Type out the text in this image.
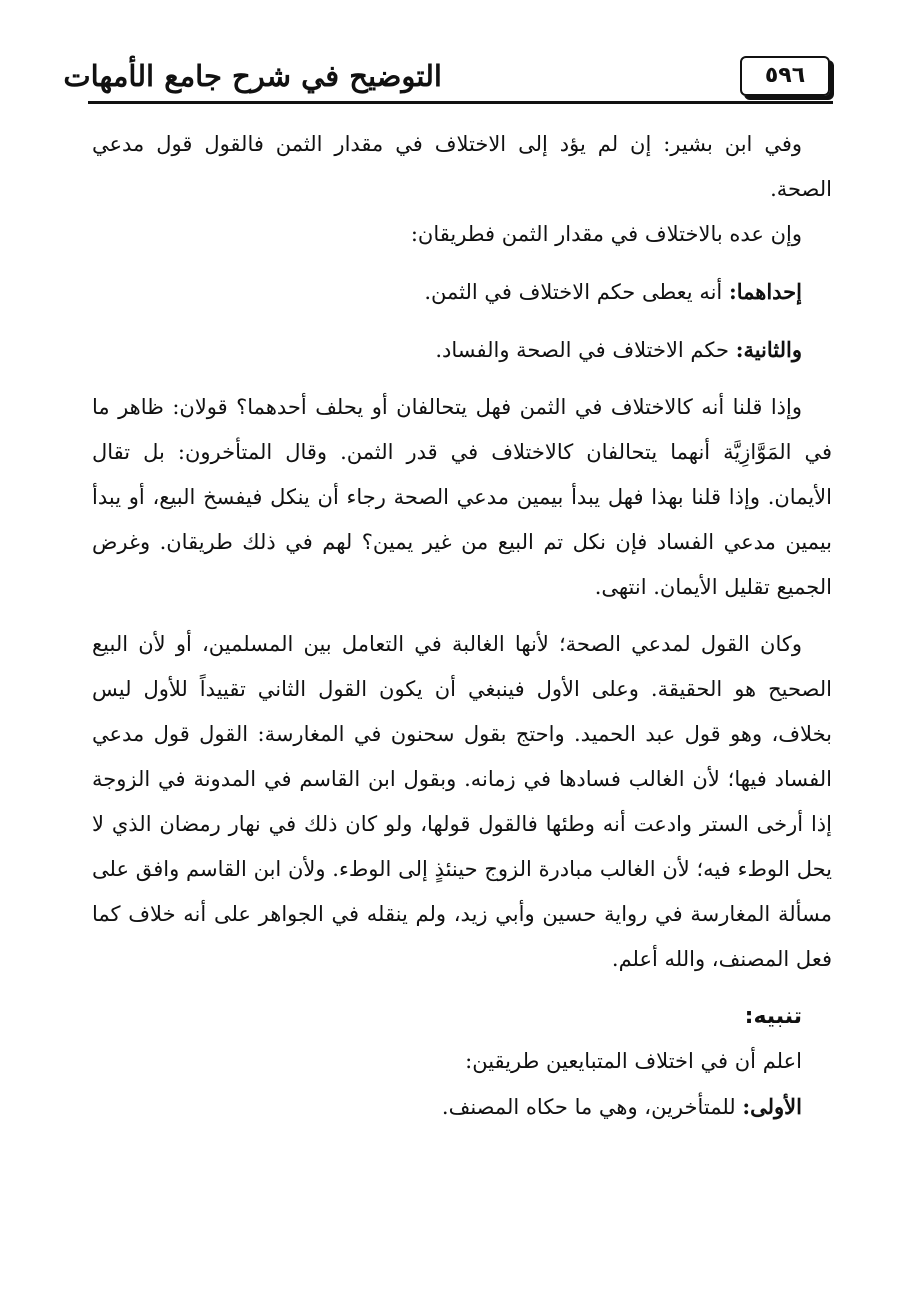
التوضيح في شرح جامع الأمهات	٥٩٦

وفي ابن بشير: إن لم يؤد إلى الاختلاف في مقدار الثمن فالقول قول مدعي الصحة.

وإن عده بالاختلاف في مقدار الثمن فطريقان:

إحداهما: أنه يعطى حكم الاختلاف في الثمن.

والثانية: حكم الاختلاف في الصحة والفساد.

وإذا قلنا أنه كالاختلاف في الثمن فهل يتحالفان أو يحلف أحدهما؟ قولان: ظاهر ما في المَوَّازِيَّة أنهما يتحالفان كالاختلاف في قدر الثمن. وقال المتأخرون: بل تقال الأيمان. وإذا قلنا بهذا فهل يبدأ بيمين مدعي الصحة رجاء أن ينكل فيفسخ البيع، أو يبدأ بيمين مدعي الفساد فإن نكل تم البيع من غير يمين؟ لهم في ذلك طريقان. وغرض الجميع تقليل الأيمان. انتهى.

وكان القول لمدعي الصحة؛ لأنها الغالبة في التعامل بين المسلمين، أو لأن البيع الصحيح هو الحقيقة. وعلى الأول فينبغي أن يكون القول الثاني تقييداً للأول ليس بخلاف، وهو قول عبد الحميد. واحتج بقول سحنون في المغارسة: القول قول مدعي الفساد فيها؛ لأن الغالب فسادها في زمانه. وبقول ابن القاسم في المدونة في الزوجة إذا أرخى الستر وادعت أنه وطئها فالقول قولها، ولو كان ذلك في نهار رمضان الذي لا يحل الوطء فيه؛ لأن الغالب مبادرة الزوج حينئذٍ إلى الوطء. ولأن ابن القاسم وافق على مسألة المغارسة في رواية حسين وأبي زيد، ولم ينقله في الجواهر على أنه خلاف كما فعل المصنف، والله أعلم.

تنبيه:

اعلم أن في اختلاف المتبايعين طريقين:

الأولى: للمتأخرين، وهي ما حكاه المصنف.
